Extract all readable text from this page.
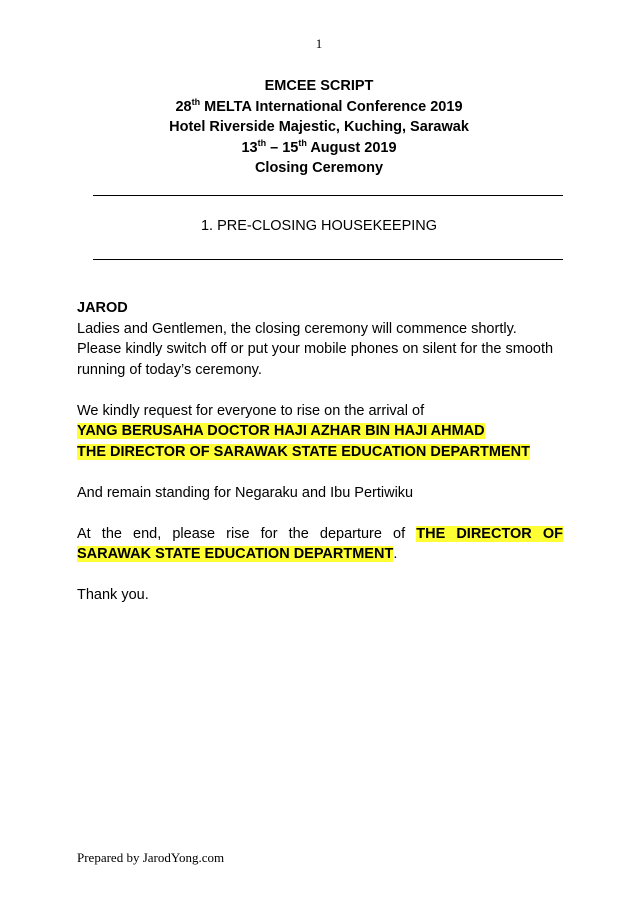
1
EMCEE SCRIPT
28th MELTA International Conference 2019
Hotel Riverside Majestic, Kuching, Sarawak
13th – 15th August 2019
Closing Ceremony
1. PRE-CLOSING HOUSEKEEPING

JAROD

Ladies and Gentlemen, the closing ceremony will commence shortly.

Please kindly switch off or put your mobile phones on silent for the smooth running of today’s ceremony.

We kindly request for everyone to rise on the arrival of

YANG BERUSAHA DOCTOR HAJI AZHAR BIN HAJI AHMAD

THE DIRECTOR OF SARAWAK STATE EDUCATION DEPARTMENT

And remain standing for Negaraku and Ibu Pertiwiku

At the end, please rise for the departure of THE DIRECTOR OF SARAWAK STATE EDUCATION DEPARTMENT.

Thank you.

Prepared by JarodYong.com
